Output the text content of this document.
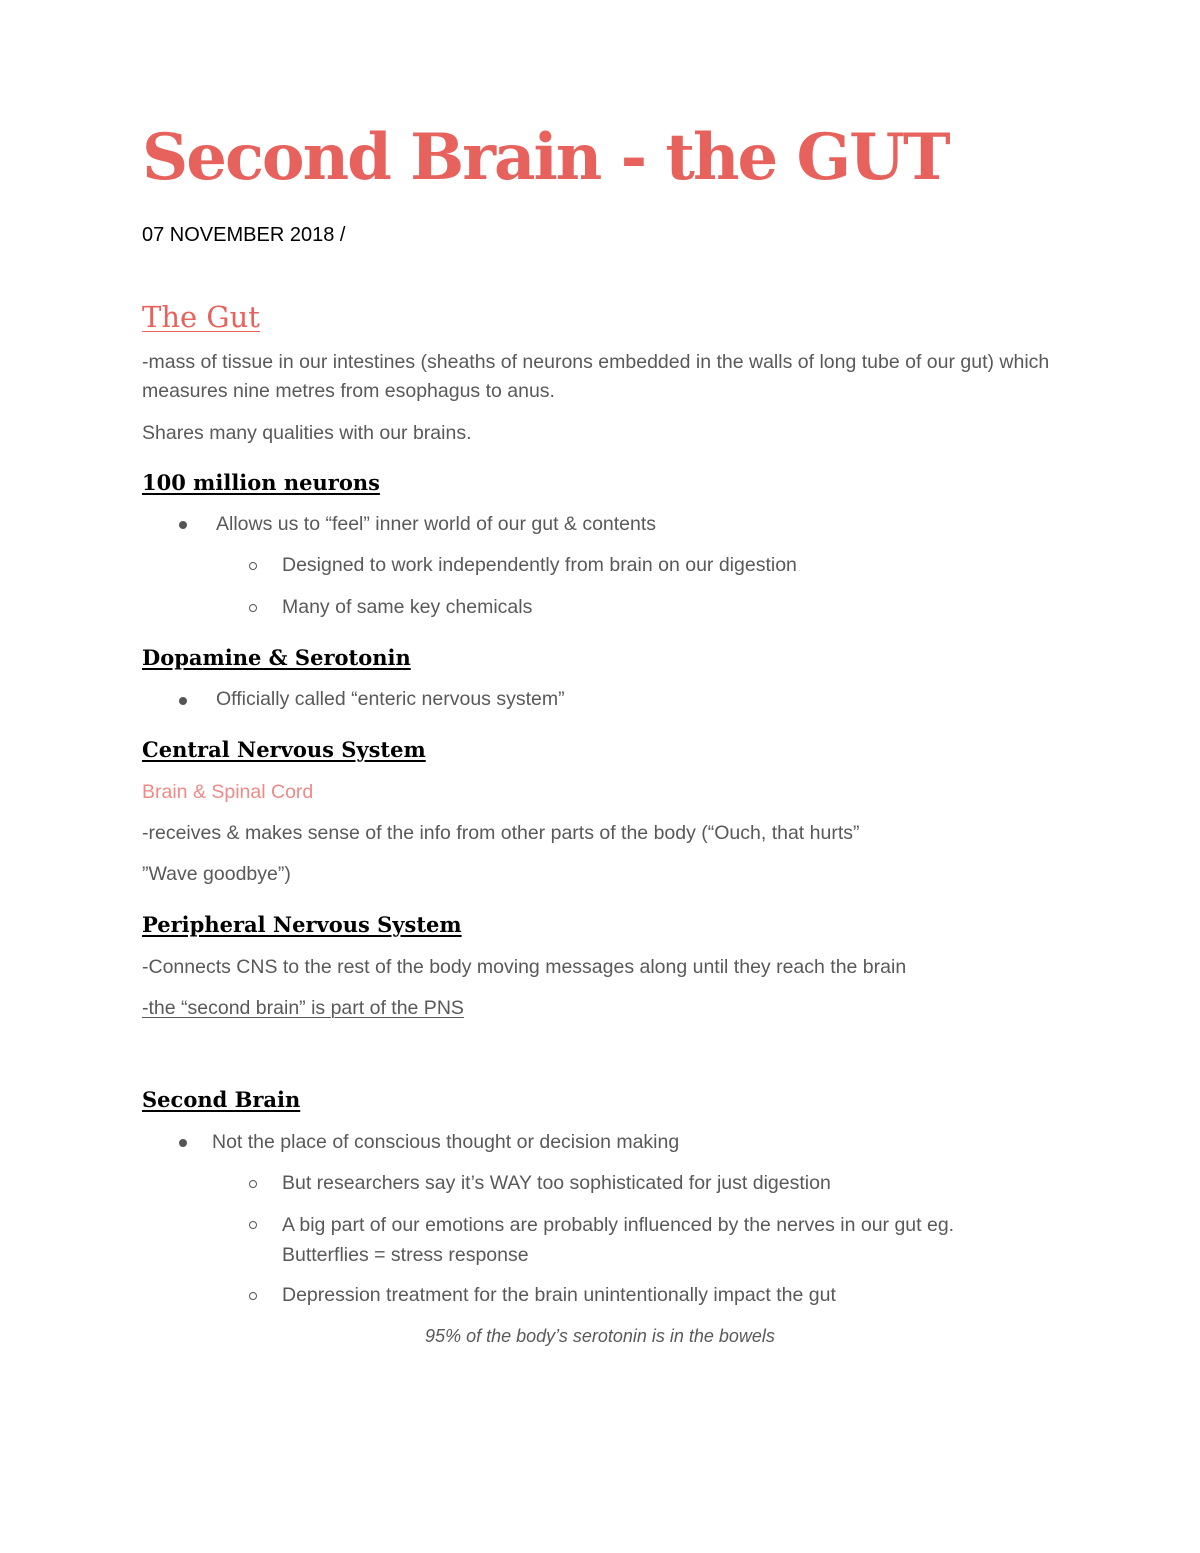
Second Brain - the GUT
07 NOVEMBER 2018 /
The Gut

-mass of tissue in our intestines (sheaths of neurons embedded in the walls of long tube of our gut) which measures nine metres from esophagus to anus.

Shares many qualities with our brains.

100 million neurons

Allows us to “feel” inner world of our gut & contents

Designed to work independently from brain on our digestion

Many of same key chemicals

Dopamine & Serotonin

Officially called “enteric nervous system”

Central Nervous System

Brain & Spinal Cord

-receives & makes sense of the info from other parts of the body (“Ouch, that hurts”

”Wave goodbye”)

Peripheral Nervous System

-Connects CNS to the rest of the body moving messages along until they reach the brain

-the “second brain” is part of the PNS

Second Brain

Not the place of conscious thought or decision making

But researchers say it’s WAY too sophisticated for just digestion

A big part of our emotions are probably influenced by the nerves in our gut eg. Butterflies = stress response

Depression treatment for the brain unintentionally impact the gut

95% of the body’s serotonin is in the bowels
